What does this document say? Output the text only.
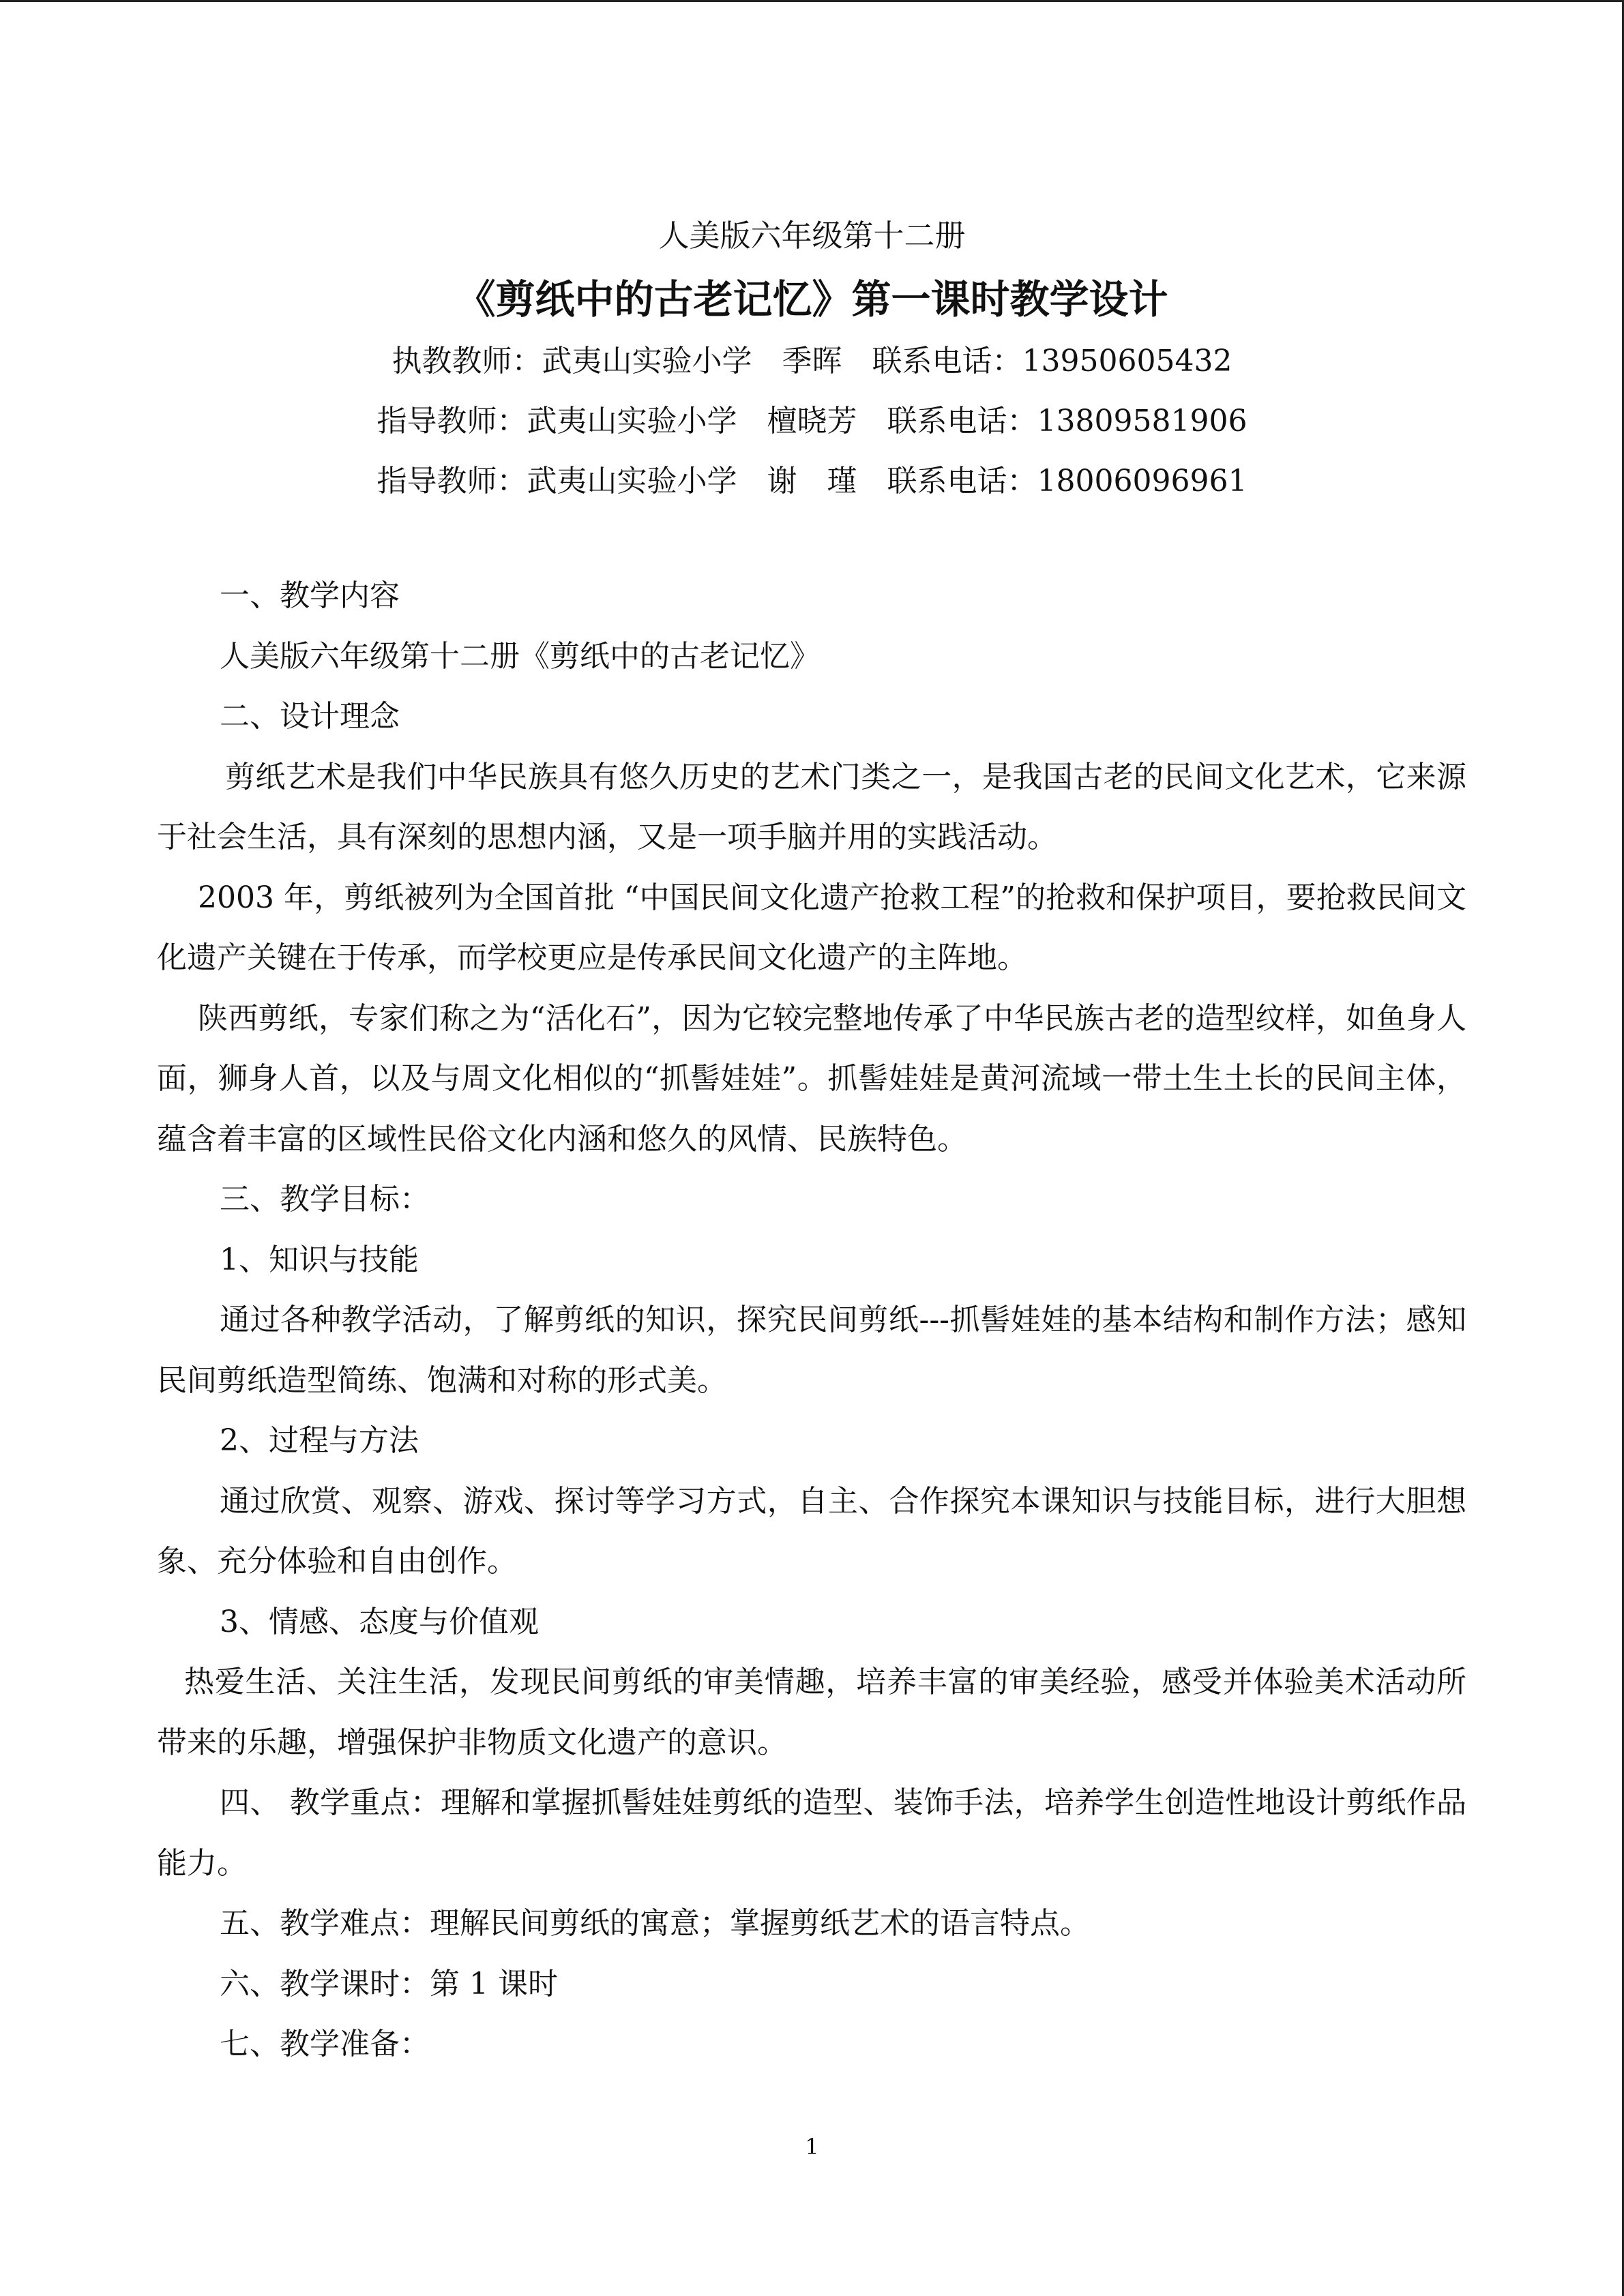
人美版六年级第十二册
《剪纸中的古老记忆》第一课时教学设计
执教教师：武夷山实验小学　季晖　联系电话：13950605432
指导教师：武夷山实验小学　檀晓芳　联系电话：13809581906
指导教师：武夷山实验小学　谢　瑾　联系电话：18006096961

一、教学内容

人美版六年级第十二册《剪纸中的古老记忆》

二、设计理念

剪纸艺术是我们中华民族具有悠久历史的艺术门类之一，是我国古老的民间文化艺术，它来源于社会生活，具有深刻的思想内涵，又是一项手脑并用的实践活动。

2003 年，剪纸被列为全国首批 “中国民间文化遗产抢救工程”的抢救和保护项目，要抢救民间文化遗产关键在于传承，而学校更应是传承民间文化遗产的主阵地。

陕西剪纸，专家们称之为“活化石”，因为它较完整地传承了中华民族古老的造型纹样，如鱼身人面，狮身人首，以及与周文化相似的“抓髻娃娃”。抓髻娃娃是黄河流域一带土生土长的民间主体，蕴含着丰富的区域性民俗文化内涵和悠久的风情、民族特色。

三、教学目标：

1、知识与技能

通过各种教学活动，了解剪纸的知识，探究民间剪纸---抓髻娃娃的基本结构和制作方法；感知民间剪纸造型简练、饱满和对称的形式美。

2、过程与方法

通过欣赏、观察、游戏、探讨等学习方式，自主、合作探究本课知识与技能目标，进行大胆想象、充分体验和自由创作。

3、情感、态度与价值观

热爱生活、关注生活，发现民间剪纸的审美情趣，培养丰富的审美经验，感受并体验美术活动所带来的乐趣，增强保护非物质文化遗产的意识。

四、 教学重点：理解和掌握抓髻娃娃剪纸的造型、装饰手法，培养学生创造性地设计剪纸作品能力。

五、教学难点：理解民间剪纸的寓意；掌握剪纸艺术的语言特点。

六、教学课时：第 1 课时

七、教学准备：

1
